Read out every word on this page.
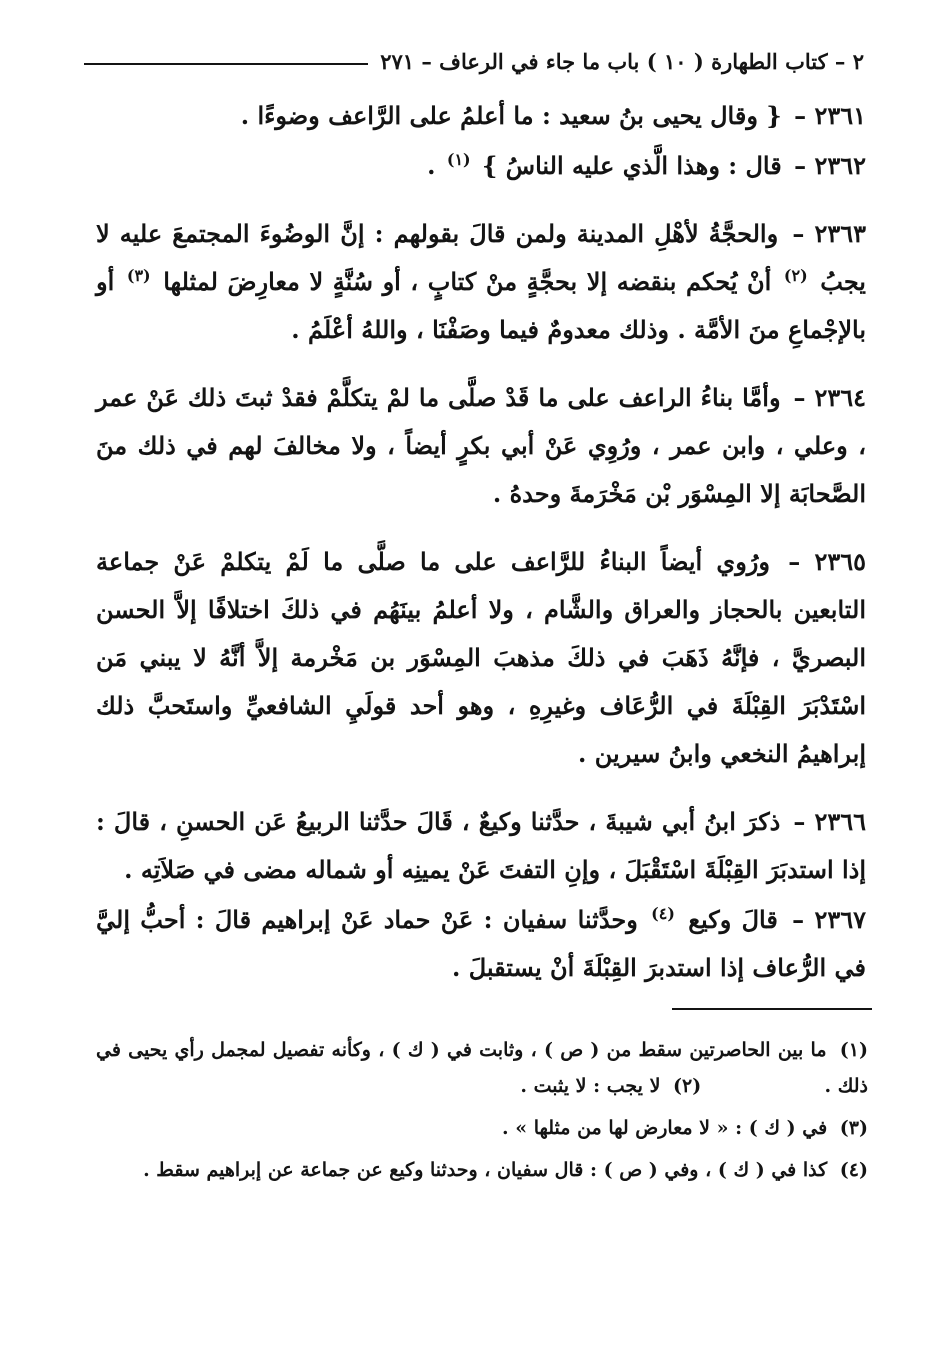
٢ – كتاب الطهارة ( ١٠ ) باب ما جاء في الرعاف – ٢٧١

٢٣٦١ – { وقال يحيى بنُ سعيد : ما أعلمُ على الرَّاعف وضوءًا .

٢٣٦٢ – قال : وهذا الَّذي عليه الناسُ } $^{(١)}$ .

٢٣٦٣ – والحجَّةُ لأهْلِ المدينة ولمن قالَ بقولهم : إنَّ الوضُوءَ المجتمعَ عليه لا يجبُ $^{(٢)}$ أنْ يُحكم بنقضه إلا بحجَّةٍ منْ كتابٍ ، أو سُنَّةٍ لا معارِضَ لمثلها $^{(٣)}$ أو بالإجْماعِ منَ الأمَّة . وذلك معدومٌ فيما وصَفْنَا ، واللهُ أعْلَمُ .

٢٣٦٤ – وأمَّا بناءُ الراعف على ما قَدْ صلَّى ما لمْ يتكلَّمْ فقدْ ثبتَ ذلك عَنْ عمر ، وعلي ، وابن عمر ، ورُوِي عَنْ أبي بكرٍ أيضاً ، ولا مخالفَ لهم في ذلك منَ الصَّحابَة إلا المِسْوَر بْن مَخْرَمةَ وحدهُ .

٢٣٦٥ – ورُوي أيضاً البناءُ للرَّاعف على ما صلَّى ما لَمْ يتكلمْ عَنْ جماعة التابعين بالحجاز والعراق والشَّام ، ولا أعلمُ بينَهُم في ذلكَ اختلافًا إلاَّ الحسن البصريَّ ، فإنَّهُ ذَهَبَ في ذلكَ مذهبَ المِسْوَر بن مَخْرمة إلاَّ أنَّهُ لا يبني مَن اسْتَدْبَرَ القِبْلَةَ في الرُّعَاف وغيرِهِ ، وهو أحد قولَيِ الشافعيِّ واستَحبَّ ذلك إبراهيمُ النخعي وابنُ سيرين .

٢٣٦٦ – ذكرَ ابنُ أبي شيبةَ ، حدَّثنا وكيعٌ ، قَالَ حدَّثنا الربيعُ عَن الحسنِ ، قالَ : إذا استدبَرَ القِبْلَةَ اسْتَقْبَلَ ، وإنِ التفتَ عَنْ يمينِه أو شماله مضى في صَلاَتِه .

٢٣٦٧ – قالَ وكيع $^{(٤)}$ وحدَّثنا سفيان : عَنْ حماد عَنْ إبراهيم قالَ : أحبُّ إليَّ في الرُّعاف إذا استدبرَ القِبْلَةَ أنْ يستقبلَ .

(١) ما بين الحاصرتين سقط من ( ص ) ، وثابت في ( ك ) ، وكأنه تفصيل لمجمل رأي يحيى في ذلك .  (٢) لا يجب : لا يثبت .

(٣) في ( ك ) : « لا معارض لها من مثلها » .

(٤) كذا في ( ك ) ، وفي ( ص ) : قال سفيان ، وحدثنا وكيع عن جماعة عن إبراهيم سقط .
